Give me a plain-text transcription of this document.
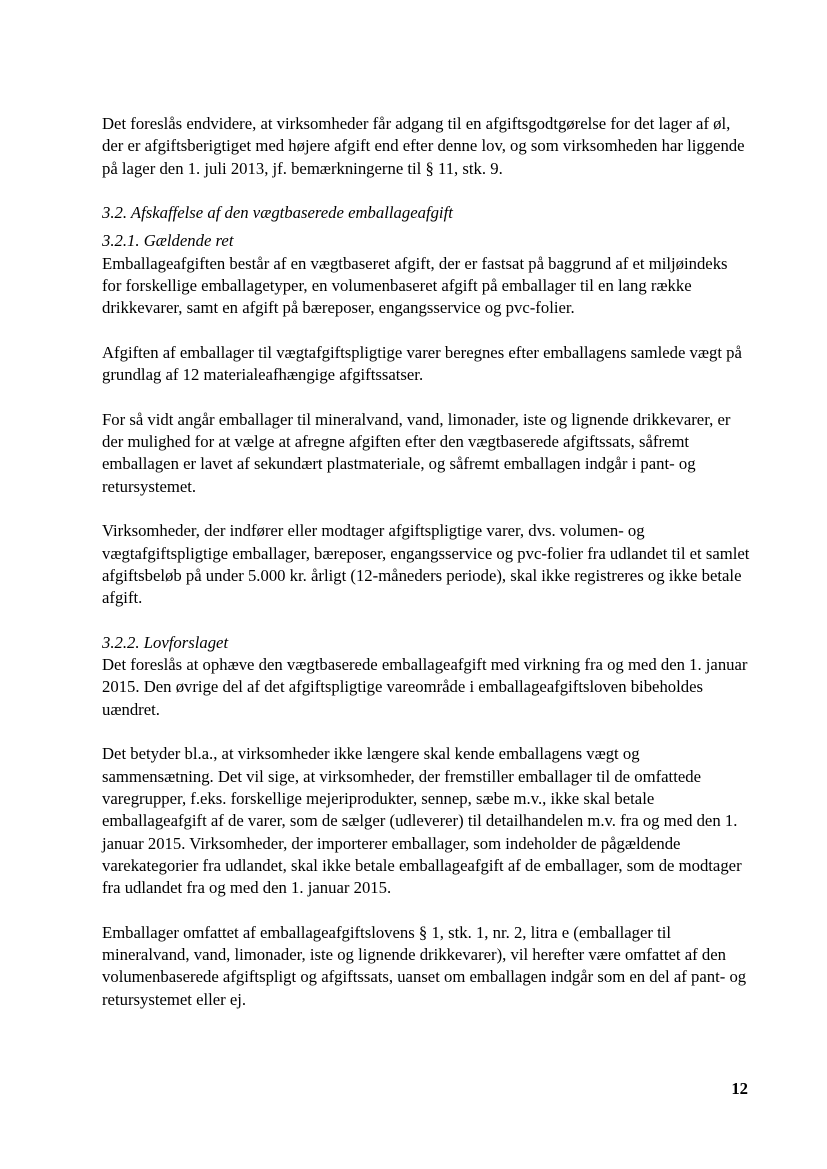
Det foreslås endvidere, at virksomheder får adgang til en afgiftsgodtgørelse for det lager af øl, der er afgiftsberigtiget med højere afgift end efter denne lov, og som virksomheden har liggende på lager den 1. juli 2013, jf. bemærkningerne til § 11, stk. 9.

3.2. Afskaffelse af den vægtbaserede emballageafgift

3.2.1. Gældende ret

Emballageafgiften består af en vægtbaseret afgift, der er fastsat på baggrund af et miljøindeks for forskellige emballagetyper, en volumenbaseret afgift på emballager til en lang række drikkevarer, samt en afgift på bæreposer, engangsservice og pvc-folier.

Afgiften af emballager til vægtafgiftspligtige varer beregnes efter emballagens samlede vægt på grundlag af 12 materialeafhængige afgiftssatser.

For så vidt angår emballager til mineralvand, vand, limonader, iste og lignende drikkevarer, er der mulighed for at vælge at afregne afgiften efter den vægtbaserede afgiftssats, såfremt emballagen er lavet af sekundært plastmateriale, og såfremt emballagen indgår i pant- og retursystemet.

Virksomheder, der indfører eller modtager afgiftspligtige varer, dvs. volumen- og vægtafgiftspligtige emballager, bæreposer, engangsservice og pvc-folier fra udlandet til et samlet afgiftsbeløb på under 5.000 kr. årligt (12-måneders periode), skal ikke registreres og ikke betale afgift.

3.2.2. Lovforslaget

Det foreslås at ophæve den vægtbaserede emballageafgift med virkning fra og med den 1. januar 2015. Den øvrige del af det afgiftspligtige vareområde i emballageafgiftsloven bibeholdes uændret.

Det betyder bl.a., at virksomheder ikke længere skal kende emballagens vægt og sammensætning. Det vil sige, at virksomheder, der fremstiller emballager til de omfattede varegrupper, f.eks. forskellige mejeriprodukter, sennep, sæbe m.v., ikke skal betale emballageafgift af de varer, som de sælger (udleverer) til detailhandelen m.v. fra og med den 1. januar 2015. Virksomheder, der importerer emballager, som indeholder de pågældende varekategorier fra udlandet, skal ikke betale emballageafgift af de emballager, som de modtager fra udlandet fra og med den 1. januar 2015.

Emballager omfattet af emballageafgiftslovens § 1, stk. 1, nr. 2, litra e (emballager til mineralvand, vand, limonader, iste og lignende drikkevarer), vil herefter være omfattet af den volumenbaserede afgiftspligt og afgiftssats, uanset om emballagen indgår som en del af pant- og retursystemet eller ej.

12
